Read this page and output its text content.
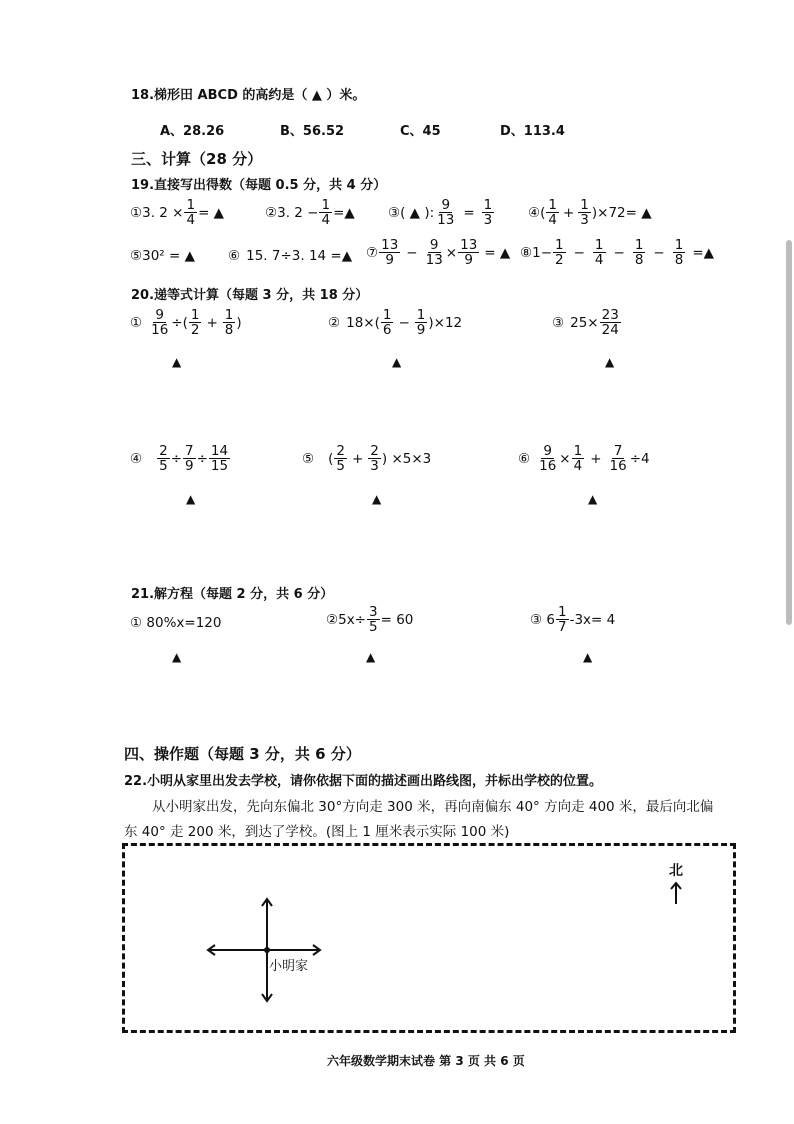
18.梯形田 ABCD 的高约是（ ▲ ）米。
A、28.26	B、56.52	C、45	D、113.4
三、计算（28 分）
19.直接写出得数（每题 0.5 分，共 4 分）
① 3. $2 \times \frac{1}{4}$ = ▲	② 3. $2 - \frac{1}{4}$ =▲ ③ ( ▲ ): $\frac{9}{13} = \frac{1}{3}$	④ ( $\frac{1}{4} + \frac{1}{3} )\times 72=$ ▲
⑤ 30² = ▲ ⑥ 15. 7÷3. 14 =▲ ⑦ $\frac{13}{9} - \frac{9}{13} \times \frac{13}{9}$ = ▲ ⑧ $1- \frac{1}{2} - \frac{1}{4} - \frac{1}{8} - \frac{1}{8}$ =▲
20.递等式计算（每题 3 分，共 18 分）
① $\frac{9}{16}$ ÷( $\frac{1}{2} + \frac{1}{8}$ )	② $18\times( \frac{1}{6} - \frac{1}{9} )\times 12$	③ $25\times \frac{23}{24}$
▲	▲	▲
④ $\frac{2}{5} \div \frac{7}{9} \div \frac{14}{15}$	⑤ ( $\frac{2}{5} + \frac{2}{3}$ ) ×5×3	⑥ $\frac{9}{16} \times \frac{1}{4} + \frac{7}{16} \div 4$
▲	▲	▲
21.解方程（每题 2 分，共 6 分）
① 80%x=120	②5x÷ $\frac{3}{5} = 60$	③ $6 \frac{1}{7} -3x= 4$
▲	▲	▲
四、操作题（每题 3 分，共 6 分）
22.小明从家里出发去学校，请你依据下面的描述画出路线图，并标出学校的位置。
从小明家出发，先向东偏北 30°方向走 300 米，再向南偏东 40° 方向走 400 米，最后向北偏
东 40° 走 200 米，到达了学校。(图上 1 厘米表示实际 100 米)
北
小明家
六年级数学期末试卷 第 3 页 共 6 页
